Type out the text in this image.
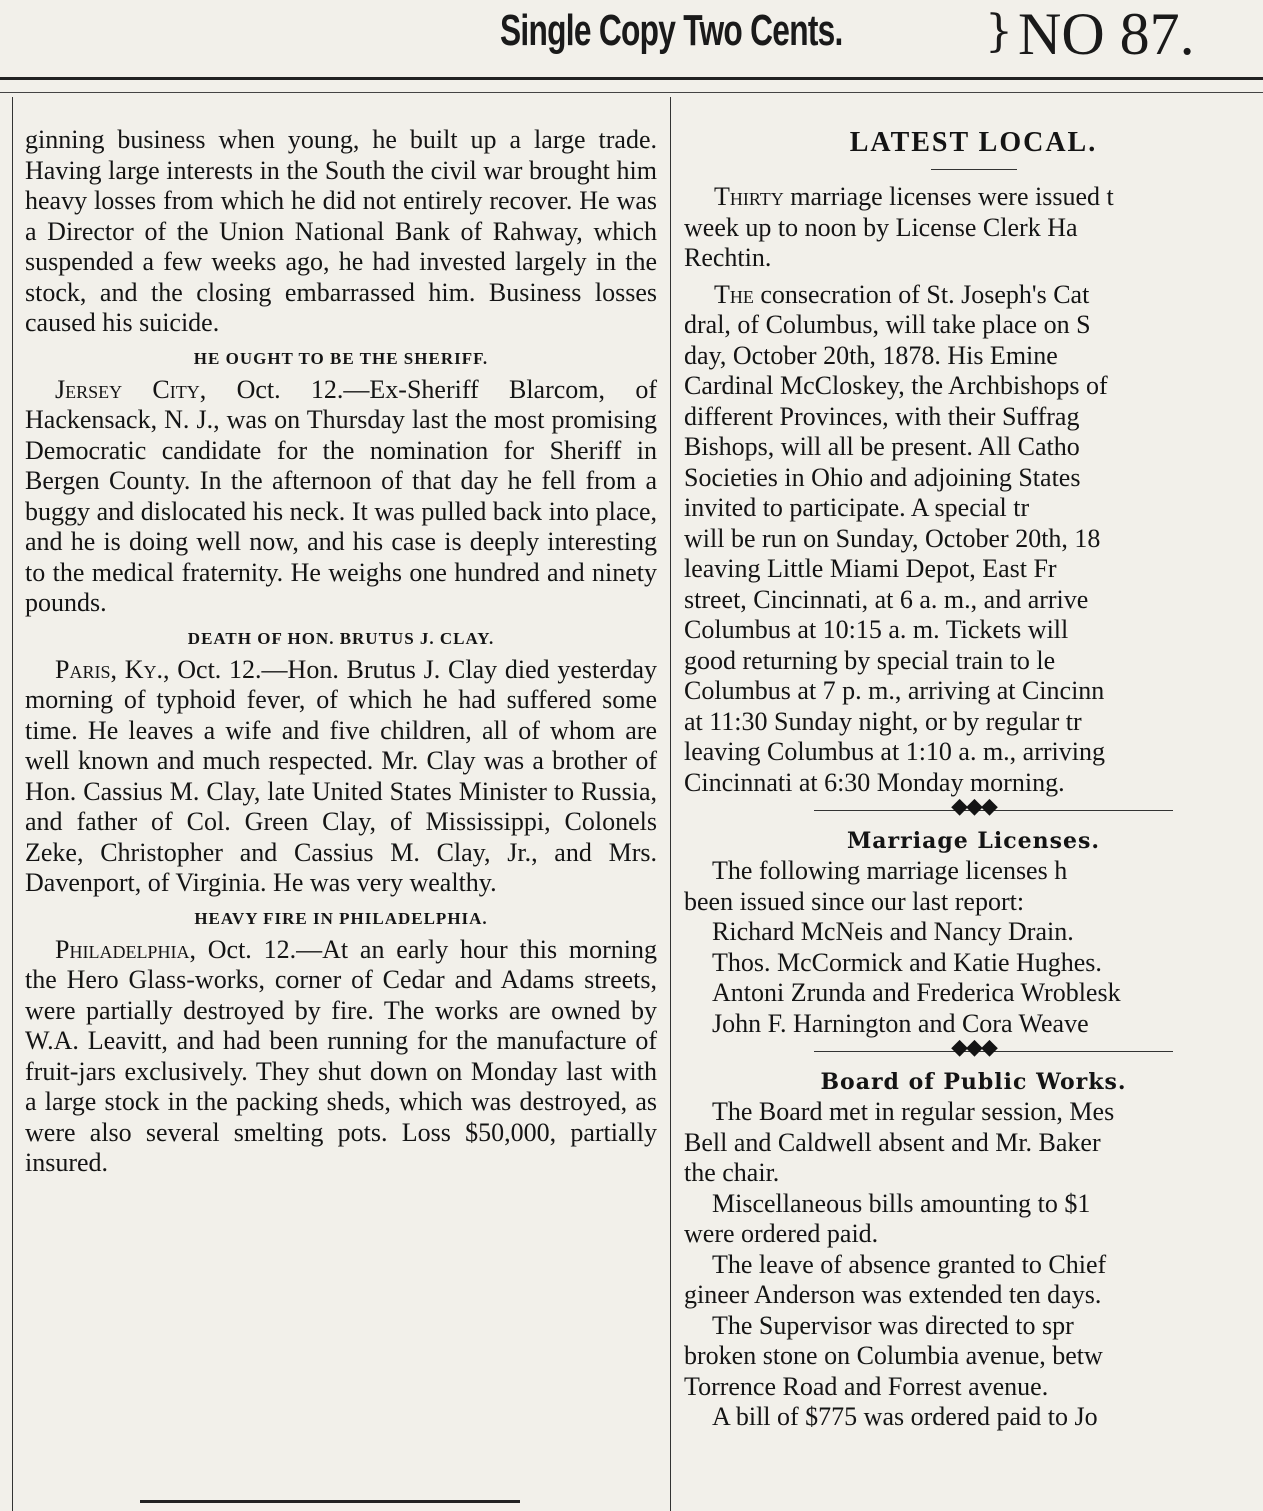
Single Copy Two Cents.	} NO 87.

ginning business when young, he built up a large trade. Having large interests in the South the civil war brought him heavy losses from which he did not entirely recover. He was a Director of the Union National Bank of Rahway, which suspended a few weeks ago, he had invested largely in the stock, and the closing embarrassed him. Business losses caused his suicide.

HE OUGHT TO BE THE SHERIFF.

Jersey City, Oct. 12.—Ex-Sheriff Blarcom, of Hackensack, N. J., was on Thursday last the most promising Democratic candidate for the nomination for Sheriff in Bergen County. In the afternoon of that day he fell from a buggy and dislocated his neck. It was pulled back into place, and he is doing well now, and his case is deeply interesting to the medical fraternity. He weighs one hundred and ninety pounds.

DEATH OF HON. BRUTUS J. CLAY.

Paris, Ky., Oct. 12.—Hon. Brutus J. Clay died yesterday morning of typhoid fever, of which he had suffered some time. He leaves a wife and five children, all of whom are well known and much respected. Mr. Clay was a brother of Hon. Cassius M. Clay, late United States Minister to Russia, and father of Col. Green Clay, of Mississippi, Colonels Zeke, Christopher and Cassius M. Clay, Jr., and Mrs. Davenport, of Virginia. He was very wealthy.

HEAVY FIRE IN PHILADELPHIA.

Philadelphia, Oct. 12.—At an early hour this morning the Hero Glass-works, corner of Cedar and Adams streets, were partially destroyed by fire. The works are owned by W.A. Leavitt, and had been running for the manufacture of fruit-jars exclusively. They shut down on Monday last with a large stock in the packing sheds, which was destroyed, as were also several smelting pots. Loss $50,000, partially insured.

LATEST LOCAL.
Thirty marriage licenses were issued t
week up to noon by License Clerk Ha
Rechtin.
The consecration of St. Joseph's Cat
dral, of Columbus, will take place on S
day, October 20th, 1878. His Emine
Cardinal McCloskey, the Archbishops of
different Provinces, with their Suffrag
Bishops, will all be present. All Catho
Societies in Ohio and adjoining States
invited to participate. A special tr
will be run on Sunday, October 20th, 18
leaving Little Miami Depot, East Fr
street, Cincinnati, at 6 a. m., and arrive
Columbus at 10:15 a. m. Tickets will
good returning by special train to le
Columbus at 7 p. m., arriving at Cincinn
at 11:30 Sunday night, or by regular tr
leaving Columbus at 1:10 a. m., arriving
Cincinnati at 6:30 Monday morning.
◆◆◆
Marriage Licenses.
The following marriage licenses h
been issued since our last report:
Richard McNeis and Nancy Drain.
Thos. McCormick and Katie Hughes.
Antoni Zrunda and Frederica Wroblesk
John F. Harnington and Cora Weave
◆◆◆
Board of Public Works.
The Board met in regular session, Mes
Bell and Caldwell absent and Mr. Baker
the chair.
Miscellaneous bills amounting to $1
were ordered paid.
The leave of absence granted to Chief
gineer Anderson was extended ten days.
The Supervisor was directed to spr
broken stone on Columbia avenue, betw
Torrence Road and Forrest avenue.
A bill of $775 was ordered paid to Jo
